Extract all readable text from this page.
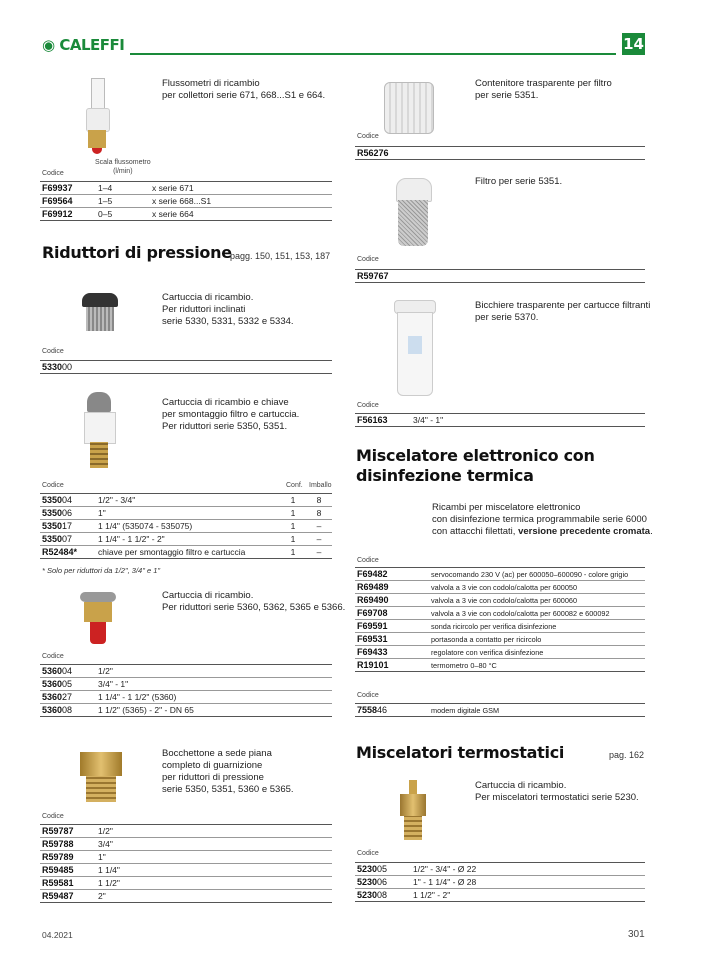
◉ CALEFFI	14
Flussometri di ricambio
per collettori serie 671, 668...S1 e 664.
Scala flussometro
(l/min)
Codice
F69937	1–4	x serie 671
F69564	1–5	x serie 668...S1
F69912	0–5	x serie 664
Riduttori di pressione
pagg. 150, 151, 153, 187
Cartuccia di ricambio.
Per riduttori inclinati
serie 5330, 5331, 5332 e 5334.
Codice
533000	
Cartuccia di ricambio e chiave
per smontaggio filtro e cartuccia.
Per riduttori serie 5350, 5351.
Codice	Conf. Imballo
535004	1/2" - 3/4"	1	8
535006	1"	1	8
535017	1 1/4" (535074 - 535075)	1	–
535007	1 1/4" - 1 1/2" - 2"	1	–
R52484*	chiave per smontaggio filtro e cartuccia	1	–
* Solo per riduttori da 1/2", 3/4" e 1"
Cartuccia di ricambio.
Per riduttori serie 5360, 5362, 5365 e 5366.
Codice
536004	1/2"
536005	3/4" - 1"
536027	1 1/4" - 1 1/2" (5360)
536008	1 1/2" (5365) - 2" - DN 65
Bocchettone a sede piana
completo di guarnizione
per riduttori di pressione
serie 5350, 5351, 5360 e 5365.
Codice
R59787	1/2"
R59788	3/4"
R59789	1"
R59485	1 1/4"
R59581	1 1/2"
R59487	2"
Contenitore trasparente per filtro
per serie 5351.
Codice
R56276	
Filtro per serie 5351.
Codice
R59767	
Bicchiere trasparente per cartucce filtranti
per serie 5370.
Codice
F56163	3/4" - 1"
Miscelatore elettronico con disinfezione termica
Ricambi per miscelatore elettronico
con disinfezione termica programmabile serie 6000
con attacchi filettati, versione precedente cromata.
Codice
F69482	servocomando 230 V (ac) per 600050–600090 - colore grigio
R69489	valvola a 3 vie con codolo/calotta per 600050
R69490	valvola a 3 vie con codolo/calotta per 600060
F69708	valvola a 3 vie con codolo/calotta per 600082 e 600092
F69591	sonda ricircolo per verifica disinfezione
F69531	portasonda a contatto per ricircolo
F69433	regolatore con verifica disinfezione
R19101	termometro 0–80 °C
Codice
755846	modem digitale GSM
Miscelatori termostatici	pag. 162
Cartuccia di ricambio.
Per miscelatori termostatici serie 5230.
Codice
523005	1/2" - 3/4" - Ø 22
523006	1" - 1 1/4" - Ø 28
523008	1 1/2" - 2"
04.2021	301
